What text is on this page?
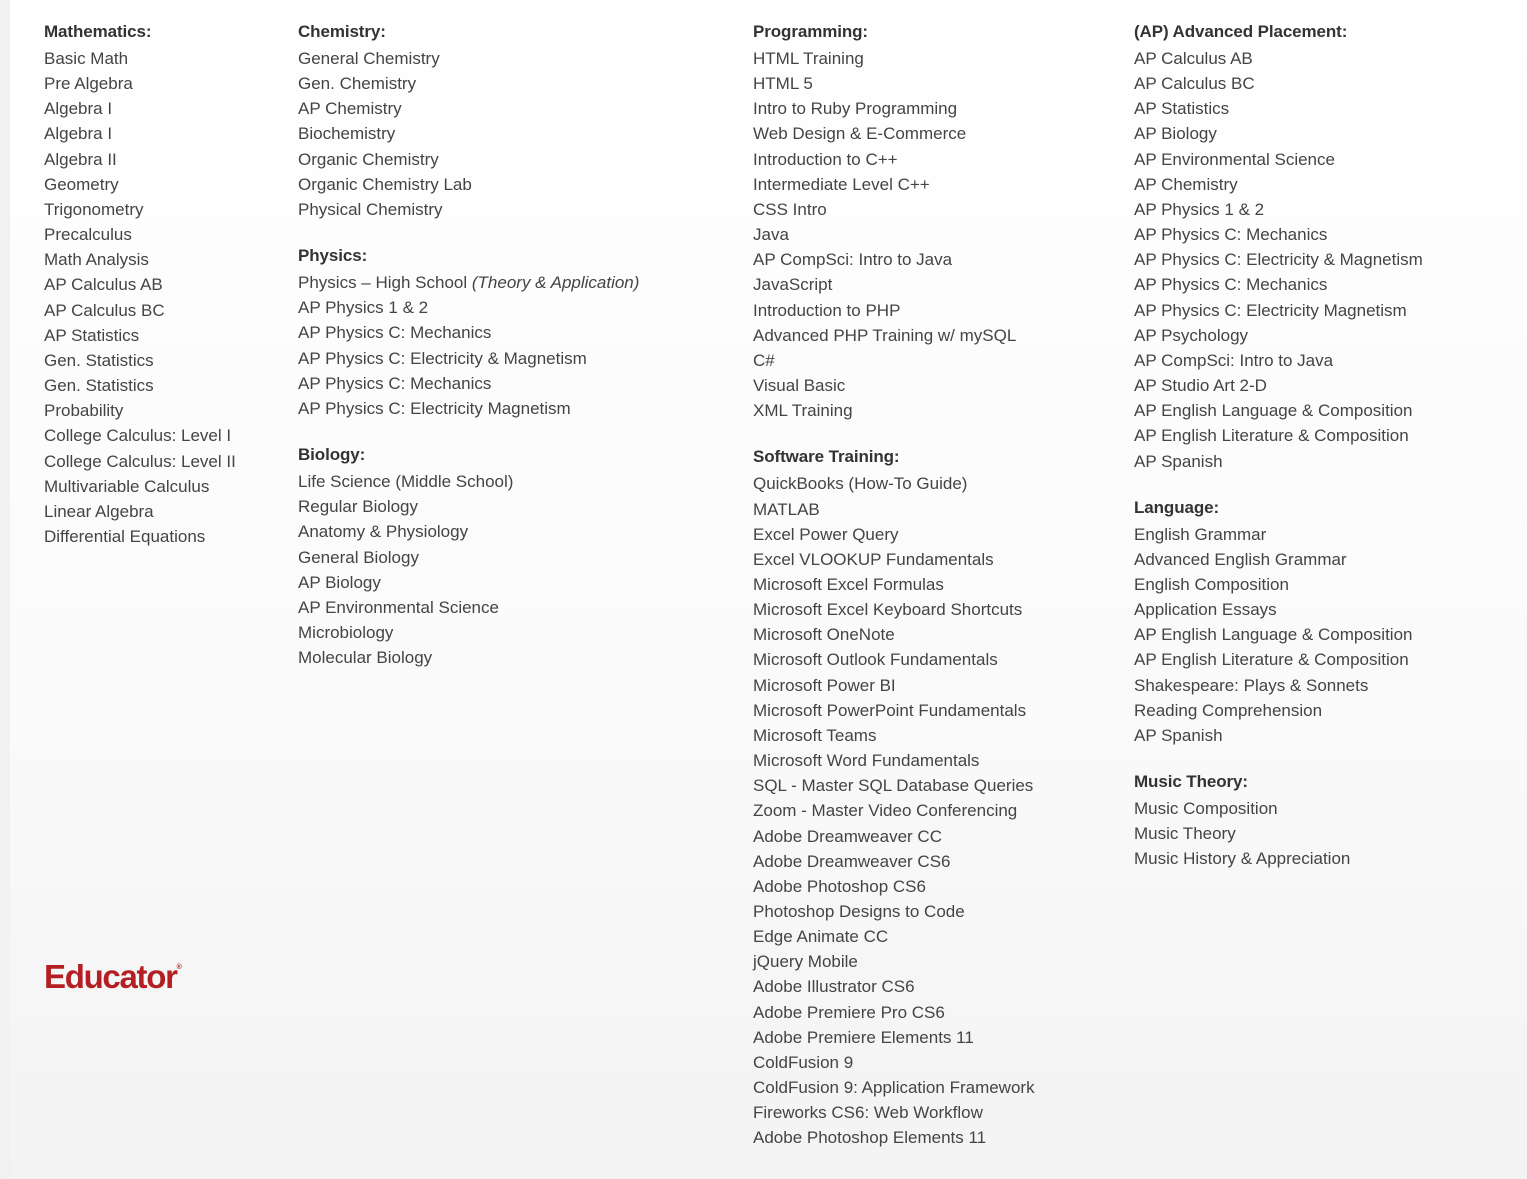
Mathematics:
Basic Math
Pre Algebra
Algebra I
Algebra I
Algebra II
Geometry
Trigonometry
Precalculus
Math Analysis
AP Calculus AB
AP Calculus BC
AP Statistics
Gen. Statistics
Gen. Statistics
Probability
College Calculus: Level I
College Calculus: Level II
Multivariable Calculus
Linear Algebra
Differential Equations
Chemistry:
General Chemistry
Gen. Chemistry
AP Chemistry
Biochemistry
Organic Chemistry
Organic Chemistry Lab
Physical Chemistry
Physics:
Physics – High School (Theory & Application)
AP Physics 1 & 2
AP Physics C: Mechanics
AP Physics C: Electricity & Magnetism
AP Physics C: Mechanics
AP Physics C: Electricity Magnetism
Biology:
Life Science (Middle School)
Regular Biology
Anatomy & Physiology
General Biology
AP Biology
AP Environmental Science
Microbiology
Molecular Biology
Programming:
HTML Training
HTML 5
Intro to Ruby Programming
Web Design & E-Commerce
Introduction to C++
Intermediate Level C++
CSS Intro
Java
AP CompSci: Intro to Java
JavaScript
Introduction to PHP
Advanced PHP Training w/ mySQL
C#
Visual Basic
XML Training
Software Training:
QuickBooks (How-To Guide)
MATLAB
Excel Power Query
Excel VLOOKUP Fundamentals
Microsoft Excel Formulas
Microsoft Excel Keyboard Shortcuts
Microsoft OneNote
Microsoft Outlook Fundamentals
Microsoft Power BI
Microsoft PowerPoint Fundamentals
Microsoft Teams
Microsoft Word Fundamentals
SQL - Master SQL Database Queries
Zoom - Master Video Conferencing
Adobe Dreamweaver CC
Adobe Dreamweaver CS6
Adobe Photoshop CS6
Photoshop Designs to Code
Edge Animate CC
jQuery Mobile
Adobe Illustrator CS6
Adobe Premiere Pro CS6
Adobe Premiere Elements 11
ColdFusion 9
ColdFusion 9: Application Framework
Fireworks CS6: Web Workflow
Adobe Photoshop Elements 11
(AP) Advanced Placement:
AP Calculus AB
AP Calculus BC
AP Statistics
AP Biology
AP Environmental Science
AP Chemistry
AP Physics 1 & 2
AP Physics C: Mechanics
AP Physics C: Electricity & Magnetism
AP Physics C: Mechanics
AP Physics C: Electricity Magnetism
AP Psychology
AP CompSci: Intro to Java
AP Studio Art 2-D
AP English Language & Composition
AP English Literature & Composition
AP Spanish
Language:
English Grammar
Advanced English Grammar
English Composition
Application Essays
AP English Language & Composition
AP English Literature & Composition
Shakespeare: Plays & Sonnets
Reading Comprehension
AP Spanish
Music Theory:
Music Composition
Music Theory
Music History & Appreciation
Educator®
